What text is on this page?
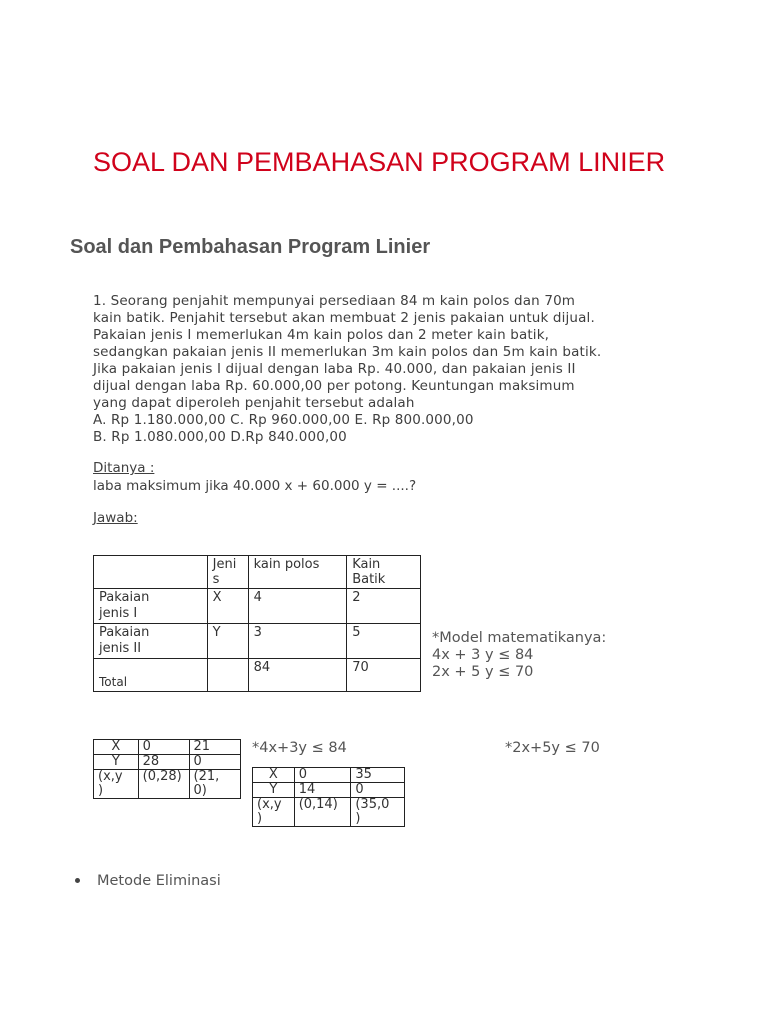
SOAL DAN PEMBAHASAN PROGRAM LINIER
Soal dan Pembahasan Program Linier

1. Seorang penjahit mempunyai persediaan 84 m kain polos dan 70m

kain batik. Penjahit tersebut akan membuat 2 jenis pakaian untuk dijual.

Pakaian jenis I memerlukan 4m kain polos dan 2 meter kain batik,

sedangkan pakaian jenis II memerlukan 3m kain polos dan 5m kain batik.

Jika pakaian jenis I dijual dengan laba Rp. 40.000, dan pakaian jenis II

dijual dengan laba Rp. 60.000,00 per potong. Keuntungan maksimum

yang dapat diperoleh penjahit tersebut adalah

A. Rp 1.180.000,00 C. Rp 960.000,00 E. Rp 800.000,00

B. Rp 1.080.000,00 D.Rp 840.000,00

Ditanya :
laba maksimum jika 40.000 x + 60.000 y = ....?
Jawab:
	Jeni
s	kain polos	Kain
Batik
Pakaian
jenis I	X	4	2
Pakaian
jenis II	Y	3	5
Total		84	70
*Model matematikanya:
4x + 3 y ≤ 84
2x + 5 y ≤ 70
*4x+3y ≤ 84	*2x+5y ≤ 70
X	0	21
Y	28	0
(x,y
)	(0,28)	(21,
0)
X	0	35
Y	14	0
(x,y
)	(0,14)	(35,0
)
Metode Eliminasi
